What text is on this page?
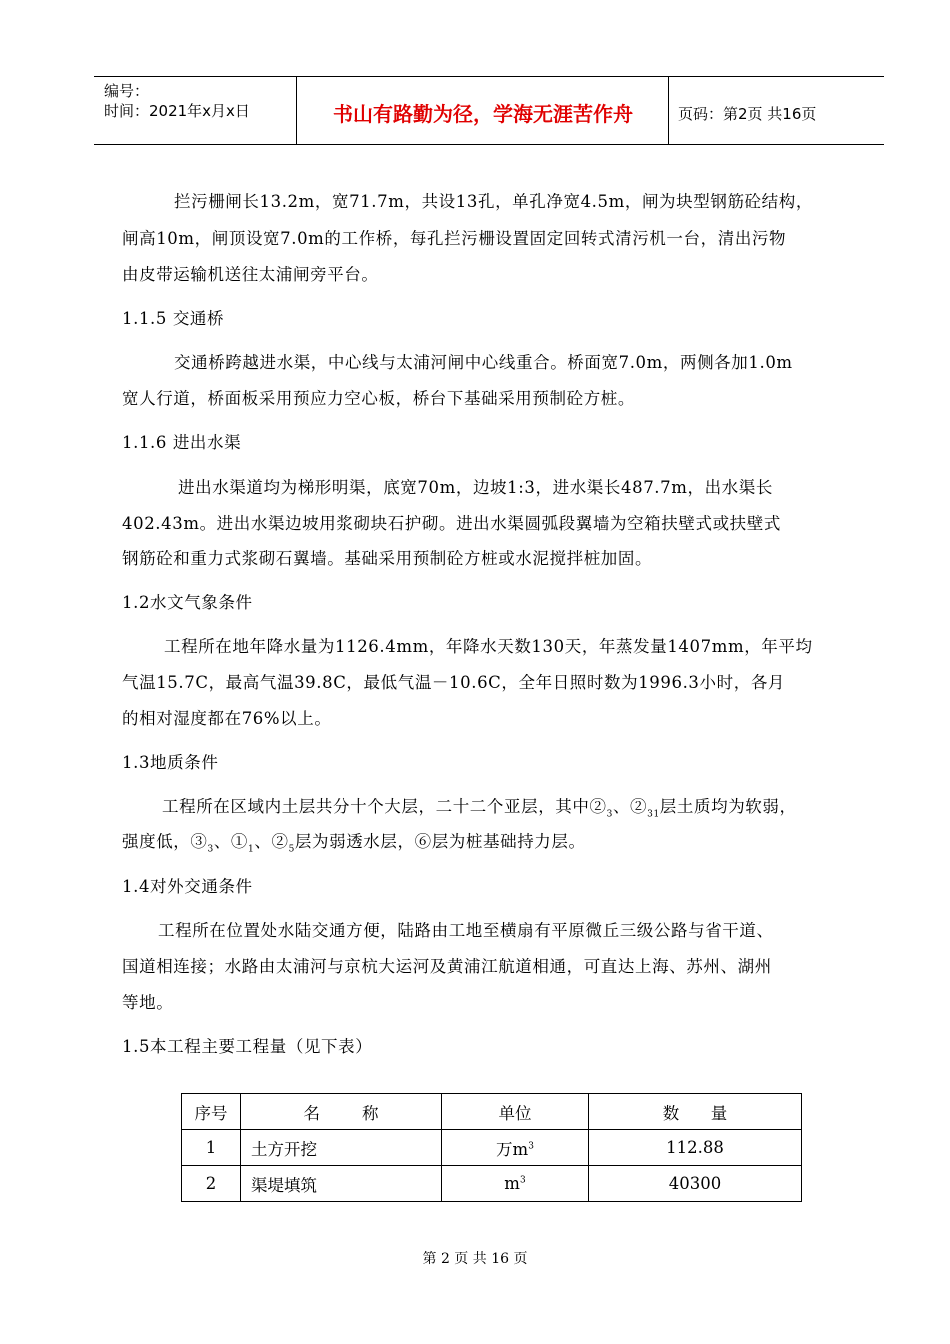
编号：
时间：2021年x月x日	书山有路勤为径，学海无涯苦作舟	页码：第2页 共16页
拦污栅闸长13.2m，宽71.7m，共设13孔，单孔净宽4.5m，闸为块型钢筋砼结构，
闸高10m，闸顶设宽7.0m的工作桥，每孔拦污栅设置固定回转式清污机一台，清出污物
由皮带运输机送往太浦闸旁平台。
1.1.5 交通桥
交通桥跨越进水渠，中心线与太浦河闸中心线重合。桥面宽7.0m，两侧各加1.0m
宽人行道，桥面板采用预应力空心板，桥台下基础采用预制砼方桩。
1.1.6 进出水渠
进出水渠道均为梯形明渠，底宽70m，边坡1:3，进水渠长487.7m，出水渠长
402.43m。进出水渠边坡用浆砌块石护砌。进出水渠圆弧段翼墙为空箱扶壁式或扶壁式
钢筋砼和重力式浆砌石翼墙。基础采用预制砼方桩或水泥搅拌桩加固。
1.2水文气象条件
工程所在地年降水量为1126.4mm，年降水天数130天，年蒸发量1407mm，年平均
气温15.7C，最高气温39.8C，最低气温－10.6C，全年日照时数为1996.3小时，各月
的相对湿度都在76%以上。
1.3地质条件
工程所在区域内土层共分十个大层，二十二个亚层，其中$②_3$、$②_{31}$层土质均为软弱，
强度低，$③_3$、$①_1$、$②_5$层为弱透水层，⑥层为桩基础持力层。
1.4对外交通条件
工程所在位置处水陆交通方便，陆路由工地至横扇有平原微丘三级公路与省干道、
国道相连接；水路由太浦河与京杭大运河及黄浦江航道相通，可直达上海、苏州、湖州
等地。
1.5本工程主要工程量（见下表）
序号	名        称	单位	数      量
1	土方开挖	万$m^3$	112.88
2	渠堤填筑	$m^3$	40300
第 2 页 共 16 页
